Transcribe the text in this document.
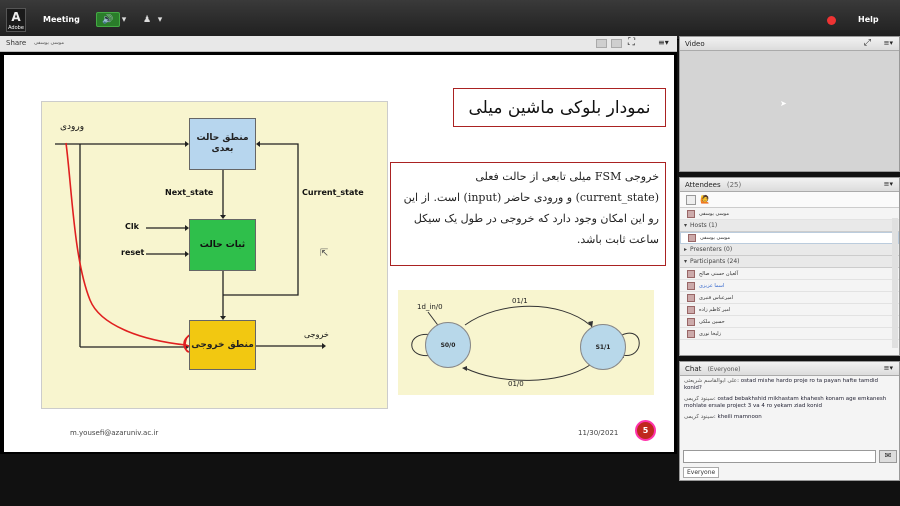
A
Adobe
Meeting	🔊 ▾ ♟ ▾	Help
Share موسی یوسفی	⛶	≡▾
منطق حالت بعدی
ثبات حالت
منطق خروجی
ورودی
Next_state	Current_state
Clk
reset
خروجی
⇱
نمودار بلوکی ماشین میلی
خروجی FSM میلی تابعی از حالت فعلی (current_state) و ورودی حاضر (input) است. از این رو این امکان وجود دارد که خروجی در طول یک سیکل ساعت ثابت باشد.
S0/0	S1/1
1d_in/0
01/1
01/0
m.yousefi@azaruniv.ac.ir	11/30/2021	5
Video	⤢ ≡▾
➤
Attendees (25)	≡▾
🙋
موسی یوسفی
▾ Hosts (1)
موسی یوسفی
▸ Presenters (0)
▾ Participants (24)
آلعیان حسنی صالح
اسما عزیزی
امیرعباس قنبری
امیر کاظم زاده
حسین ملکی
زلیخا نوری
Chat (Everyone)	≡▾
علی ابوالقاسم شریعتی: ostad mishe hardo proje ro ta payan hafte tamdid konid?
سینود کریمی: ostad bebakhshid mikhastam khahesh konam age emkanesh mohlate ersale project 3 va 4 ro yekam ziad konid
سینود کریمی: kheili mamnoon
✉
Everyone
